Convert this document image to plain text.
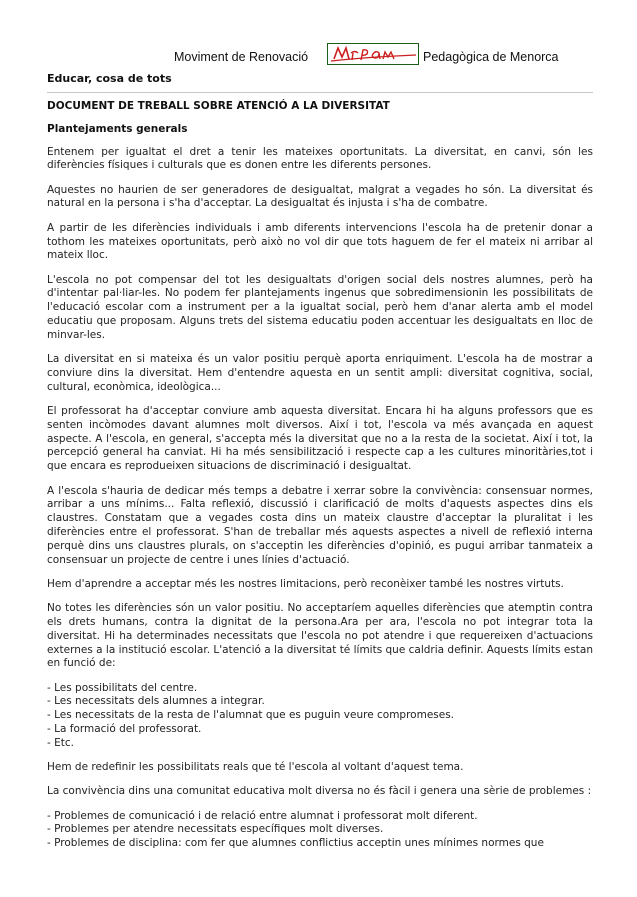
Moviment de Renovació	Pedagògica de Menorca
Educar, cosa de tots
DOCUMENT DE TREBALL SOBRE ATENCIÓ A LA DIVERSITAT
Plantejaments generals

Entenem per igualtat el dret a tenir les mateixes oportunitats. La diversitat, en canvi, són les diferències físiques i culturals que es donen entre les diferents persones.

Aquestes no haurien de ser generadores de desigualtat, malgrat a vegades ho són. La diversitat és natural en la persona i s'ha d'acceptar. La desigualtat és injusta i s'ha de combatre.

A partir de les diferències individuals i amb diferents intervencions l'escola ha de pretenir donar a tothom les mateixes oportunitats, però això no vol dir que tots haguem de fer el mateix ni arribar al mateix lloc.

L'escola no pot compensar del tot les desigualtats d'origen social dels nostres alumnes, però ha d'intentar pal·liar-les. No podem fer plantejaments ingenus que sobredimensionin les possibilitats de l'educació escolar com a instrument per a la igualtat social, però hem d'anar alerta amb el model educatiu que proposam. Alguns trets del sistema educatiu poden accentuar les desigualtats en lloc de minvar-les.

La diversitat en si mateixa és un valor positiu perquè aporta enriquiment. L'escola ha de mostrar a conviure dins la diversitat. Hem d'entendre aquesta en un sentit ampli: diversitat cognitiva, social, cultural, econòmica, ideològica...

El professorat ha d'acceptar conviure amb aquesta diversitat. Encara hi ha alguns professors que es senten incòmodes davant alumnes molt diversos. Així i tot, l'escola va més avançada en aquest aspecte. A l'escola, en general, s'accepta més la diversitat que no a la resta de la societat. Així i tot, la percepció general ha canviat. Hi ha més sensibilització i respecte cap a les cultures minoritàries,tot i que encara es reprodueixen situacions de discriminació i desigualtat.

A l'escola s'hauria de dedicar més temps a debatre i xerrar sobre la convivència: consensuar normes, arribar a uns mínims... Falta reflexió, discussió i clarificació de molts d'aquests aspectes dins els claustres. Constatam que a vegades costa dins un mateix claustre d'acceptar la pluralitat i les diferències entre el professorat. S'han de treballar més aquests aspectes a nivell de reflexió interna perquè dins uns claustres plurals, on s'acceptin les diferències d'opinió, es pugui arribar tanmateix a consensuar un projecte de centre i unes línies d'actuació.

Hem d'aprendre a acceptar més les nostres limitacions, però reconèixer també les nostres virtuts.

No totes les diferències són un valor positiu. No acceptaríem aquelles diferències que atemptin contra els drets humans, contra la dignitat de la persona.Ara per ara, l'escola no pot integrar tota la diversitat. Hi ha determinades necessitats que l'escola no pot atendre i que requereixen d'actuacions externes a la institució escolar. L'atenció a la diversitat té límits que caldria definir. Aquests límits estan en funció de:

- Les possibilitats del centre.
- Les necessitats dels alumnes a integrar.
- Les necessitats de la resta de l'alumnat que es puguin veure compromeses.
- La formació del professorat.
- Etc.

Hem de redefinir les possibilitats reals que té l'escola al voltant d'aquest tema.

La convivència dins una comunitat educativa molt diversa no és fàcil i genera una sèrie de problemes :

- Problemes de comunicació i de relació entre alumnat i professorat molt diferent.
- Problemes per atendre necessitats específiques molt diverses.
- Problemes de disciplina: com fer que alumnes conflictius acceptin unes mínimes normes que
